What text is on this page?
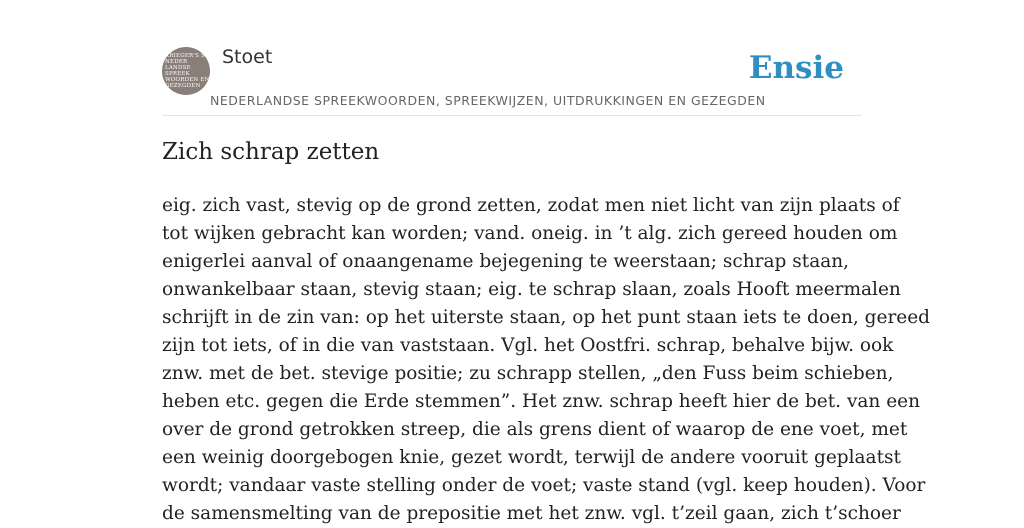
KRIEGER'S STOET
NEDER
LANDSE
SPREEK
WOORDEN EN
GEZEGDEN
Stoet
NEDERLANDSE SPREEKWOORDEN, SPREEKWIJZEN, UITDRUKKINGEN EN GEZEGDEN
Ensie
Zich schrap zetten

eig. zich vast, stevig op de grond zetten, zodat men niet licht van zijn plaats of
tot wijken gebracht kan worden; vand. oneig. in ’t alg. zich gereed houden om
enigerlei aanval of onaangename bejegening te weerstaan; schrap staan,
onwankelbaar staan, stevig staan; eig. te schrap slaan, zoals Hooft meermalen
schrijft in de zin van: op het uiterste staan, op het punt staan iets te doen, gereed
zijn tot iets, of in die van vaststaan. Vgl. het Oostfri. schrap, behalve bijw. ook
znw. met de bet. stevige positie; zu schrapp stellen, „den Fuss beim schieben,
heben etc. gegen die Erde stemmen”. Het znw. schrap heeft hier de bet. van een
over de grond getrokken streep, die als grens dient of waarop de ene voet, met
een weinig doorgebogen knie, gezet wordt, terwijl de andere vooruit geplaatst
wordt; vandaar vaste stelling onder de voet; vaste stand (vgl. keep houden). Voor
de samensmelting van de prepositie met het znw. vgl. t’zeil gaan, zich t’schoer
